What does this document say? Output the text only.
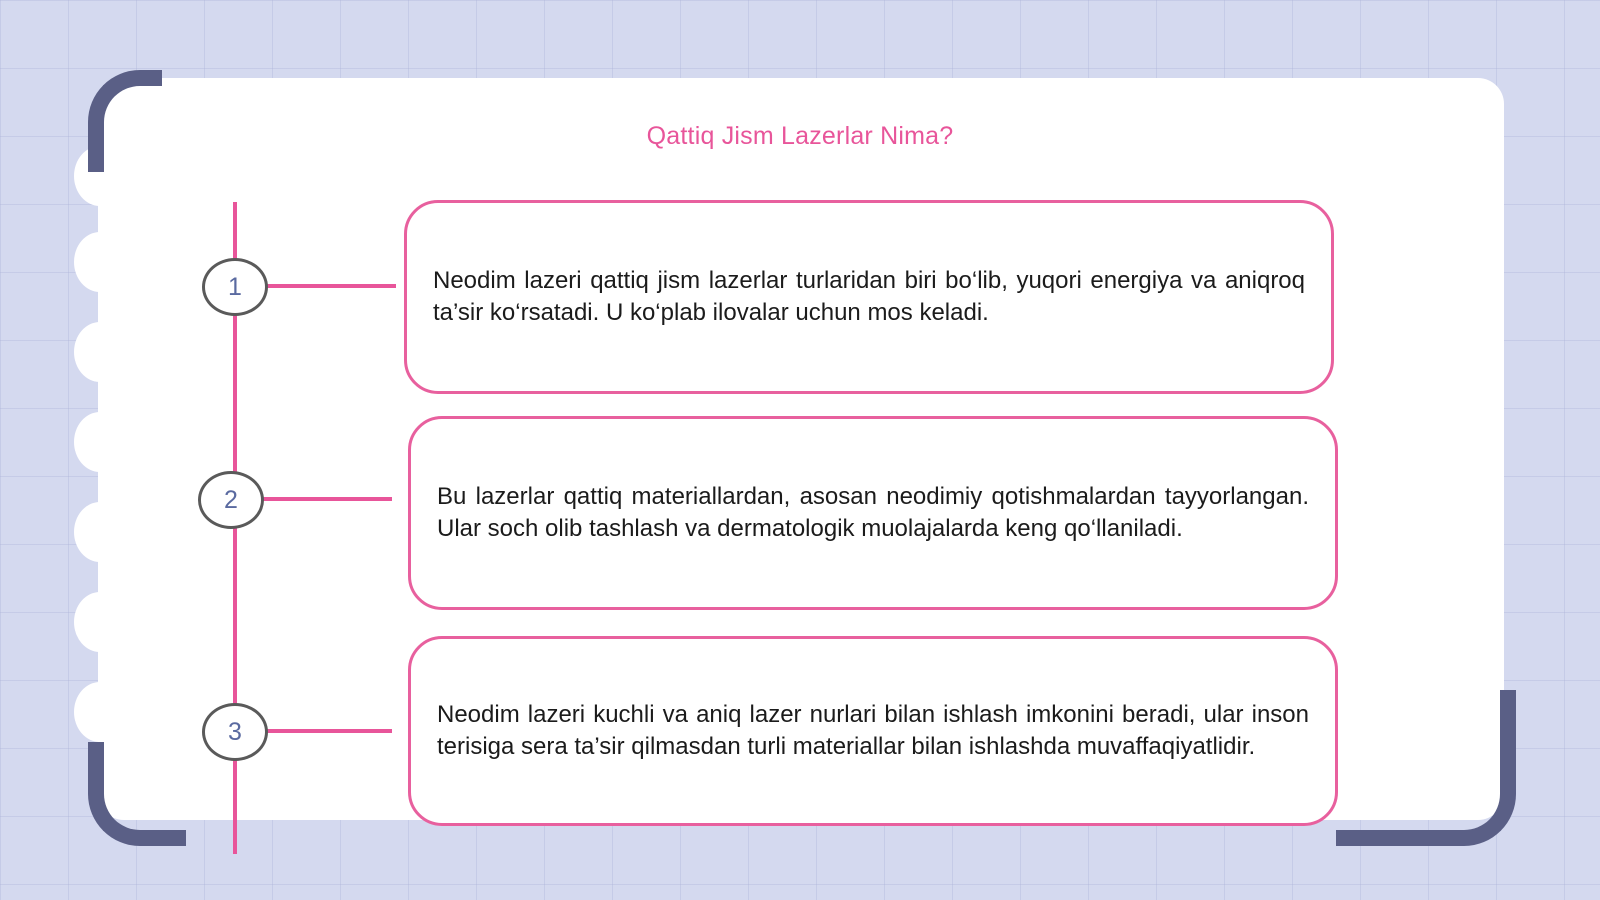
Qattiq Jism Lazerlar Nima?
1	Neodim lazeri qattiq jism lazerlar turlaridan biri bo‘lib, yuqori energiya va aniqroq ta’sir ko‘rsatadi. U ko‘plab ilovalar uchun mos keladi.
2	Bu lazerlar qattiq materiallardan, asosan neodimiy qotishmalardan tayyorlangan. Ular soch olib tashlash va dermatologik muolajalarda keng qo‘llaniladi.
3
Neodim lazeri kuchli va aniq lazer nurlari bilan ishlash imkonini beradi, ular inson terisiga sera ta’sir qilmasdan turli materiallar bilan ishlashda muvaffaqiyatlidir.
